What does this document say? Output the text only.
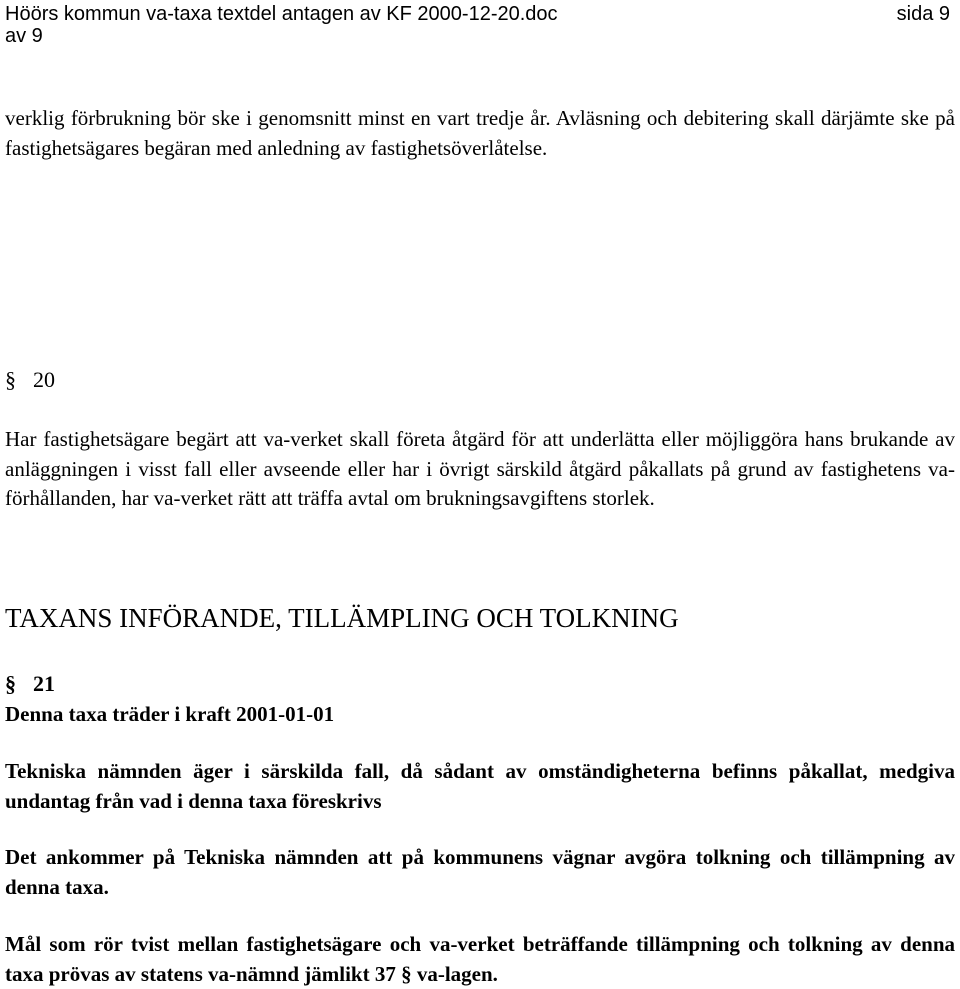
Höörs kommun va-taxa textdel antagen av KF 2000-12-20.doc	sida 9
av 9
verklig förbrukning bör ske i genomsnitt minst en vart tredje år. Avläsning och debitering skall därjämte ske på fastighetsägares begäran med anledning av fastighetsöverlåtelse.
§ 20
Har fastighetsägare begärt att va-verket skall företa åtgärd för att underlätta eller möjliggöra hans brukande av anläggningen i visst fall eller avseende eller har i övrigt särskild åtgärd påkallats på grund av fastighetens va-förhållanden, har va-verket rätt att träffa avtal om brukningsavgiftens storlek.
TAXANS INFÖRANDE, TILLÄMPLING OCH TOLKNING
§ 21
Denna taxa träder i kraft 2001-01-01
Tekniska nämnden äger i särskilda fall, då sådant av omständigheterna befinns påkallat, medgiva undantag från vad i denna taxa föreskrivs
Det ankommer på Tekniska nämnden att på kommunens vägnar avgöra tolkning och tillämpning av denna taxa.
Mål som rör tvist mellan fastighetsägare och va-verket beträffande tillämpning och tolkning av denna taxa prövas av statens va-nämnd jämlikt 37 § va-lagen.
